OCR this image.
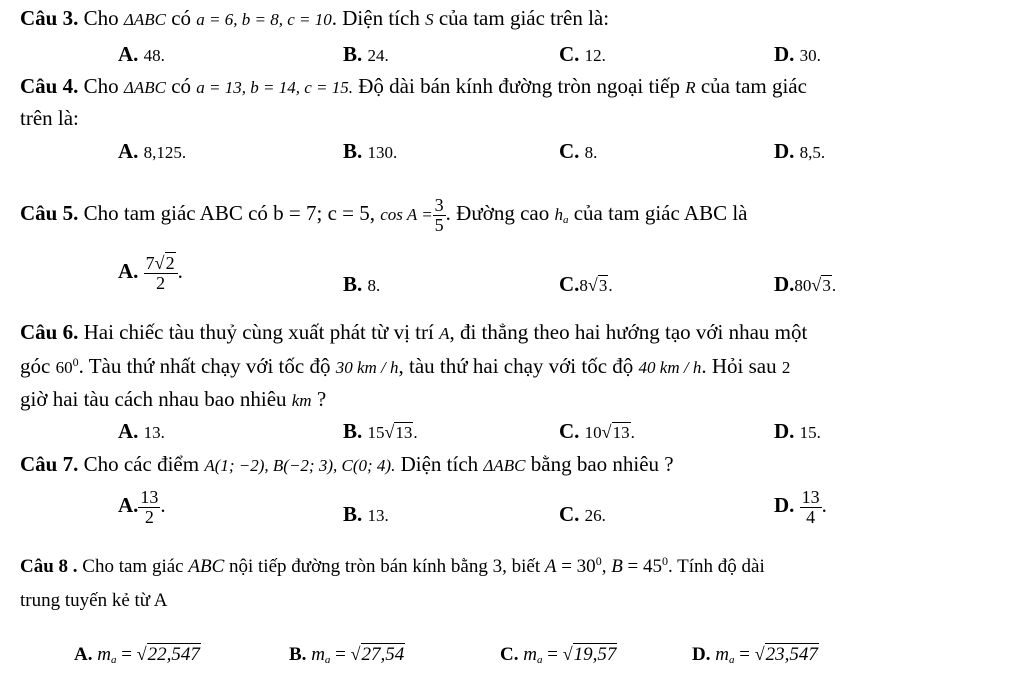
Câu 3. Cho ΔABC có a = 6, b = 8, c = 10. Diện tích S của tam giác trên là:
A. 48.	B. 24.	C. 12.	D. 30.
Câu 4. Cho ΔABC có a = 13, b = 14, c = 15. Độ dài bán kính đường tròn ngoại tiếp R của tam giác
trên là:
A. 8,125.	B. 130.	C. 8.	D. 8,5.
Câu 5. Cho tam giác ABC có b = 7; c = 5, $\cos A = \frac{3}{5}$ . Đường cao $h_a$ của tam giác ABC là
A. $\frac{7√2}{2}$ .
B. 8.	C.8√3.	D.80√3.
Câu 6. Hai chiếc tàu thuỷ cùng xuất phát từ vị trí A, đi thẳng theo hai hướng tạo với nhau một
góc $60^0$. Tàu thứ nhất chạy với tốc độ 30 km / h, tàu thứ hai chạy với tốc độ 40 km / h. Hỏi sau 2
giờ hai tàu cách nhau bao nhiêu km ?
A. 13.	B. 15√13.	C. 10√13.	D. 15.
Câu 7. Cho các điểm A(1; −2), B(−2; 3), C(0; 4). Diện tích ΔABC bằng bao nhiêu ?
A. $\frac{13}{2}$ .	B. 13.	C. 26.	D. $\frac{13}{4}$ .
Câu 8 . Cho tam giác ABC nội tiếp đường tròn bán kính bằng 3, biết $A = 30^0$, $B = 45^0$. Tính độ dài
trung tuyến kẻ từ A
A. $m_a = √22,547$	B. $m_a = √27,54$	C. $m_a = √19,57$	D. $m_a = √23,547$
